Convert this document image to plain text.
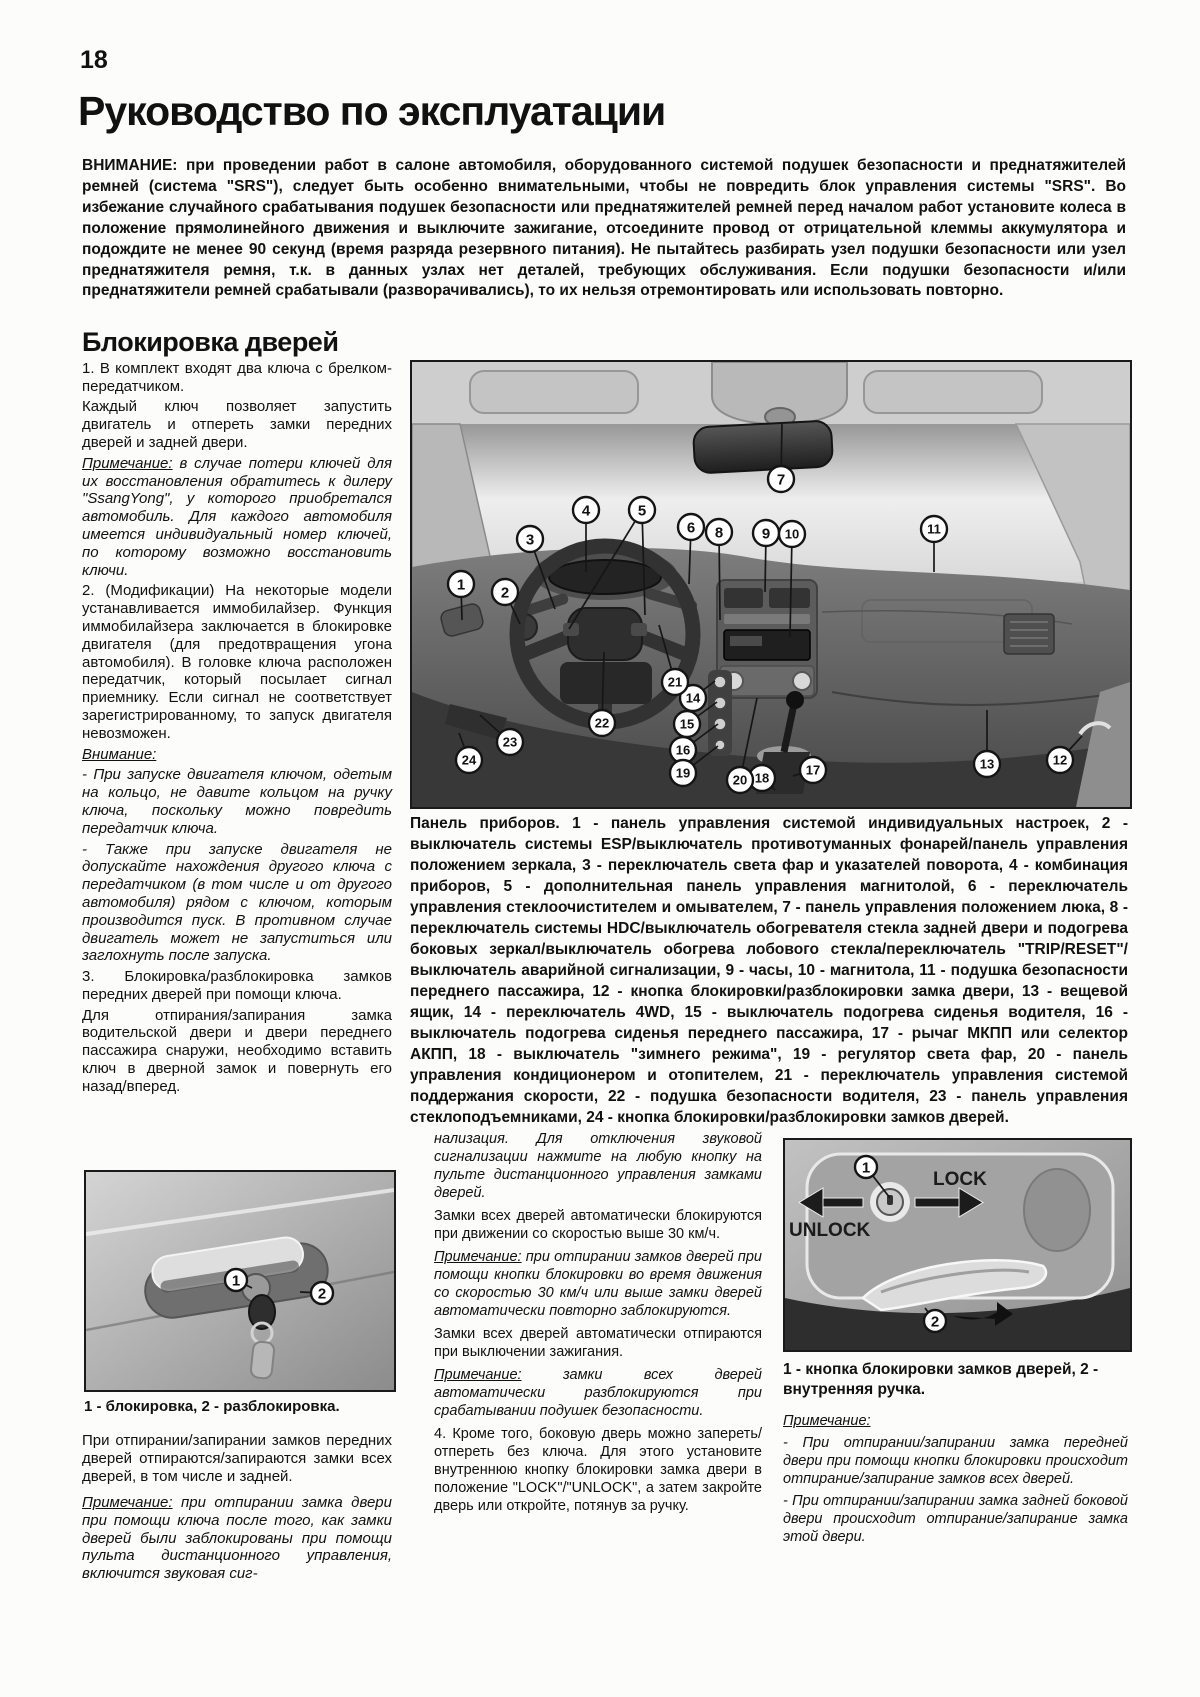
18
Руководство по эксплуатации

ВНИМАНИЕ: при проведении работ в салоне автомобиля, оборудованного системой подушек безопасности и преднатяжителей ремней (система "SRS"), следует быть особенно внимательными, чтобы не повредить блок управления системы "SRS". Во избежание случайного срабатывания подушек безопасности или преднатяжителей ремней перед началом работ установите колеса в положение прямолинейного движения и выключите зажигание, отсоедините провод от отрицательной клеммы аккумулятора и подождите не менее 90 секунд (время разряда резервного питания). Не пытайтесь разбирать узел подушки безопасности или узел преднатяжителя ремня, т.к. в данных узлах нет деталей, требующих обслуживания. Если подушки безопасности и/или преднатяжители ремней срабатывали (разворачивались), то их нельзя отремонтировать или использовать повторно.

Блокировка дверей

1. В комплект входят два ключа с брелком-передатчиком.

Каждый ключ позволяет запустить двигатель и отпереть замки передних дверей и задней двери.

Примечание: в случае потери ключей для их восстановления обратитесь к дилеру "SsangYong", у которого приобретался автомобиль. Для каждого автомобиля имеется индивидуальный номер ключей, по которому возможно восстановить ключи.

2. (Модификации) На некоторые модели устанавливается иммобилайзер. Функция иммобилайзера заключается в блокировке двигателя (для предотвращения угона автомобиля). В головке ключа расположен передатчик, который посылает сигнал приемнику. Если сигнал не соответствует зарегистрированному, то запуск двигателя невозможен.

Внимание:

- При запуске двигателя ключом, одетым на кольцо, не давите кольцом на ручку ключа, поскольку можно повредить передатчик ключа.

- Также при запуске двигателя не допускайте нахождения другого ключа с передатчиком (в том числе и от другого автомобиля) рядом с ключом, которым производится пуск. В противном случае двигатель может не запуститься или заглохнуть после запуска.

3. Блокировка/разблокировка замков передних дверей при помощи ключа.

Для отпирания/запирания замка водительской двери и двери переднего пассажира снаружи, необходимо вставить ключ в дверной замок и повернуть его назад/вперед.

1 2
3
4	5
6
7
8	9 10	11
12
13
14
15
16
17
18
19	20
21
22
23
24

Панель приборов. 1 - панель управления системой индивидуальных настроек, 2 - выключатель системы ESP/выключатель противотуманных фонарей/панель управления положением зеркала, 3 - переключатель света фар и указателей поворота, 4 - комбинация приборов, 5 - дополнительная панель управления магнитолой, 6 - переключатель управления стеклоочистителем и омывателем, 7 - панель управления положением люка, 8 - переключатель системы HDC/выключатель обогревателя стекла задней двери и подогрева боковых зеркал/выключатель обогрева лобового стекла/переключатель "TRIP/RESET"/выключатель аварийной сигнализации, 9 - часы, 10 - магнитола, 11 - подушка безопасности переднего пассажира, 12 - кнопка блокировки/разблокировки замка двери, 13 - вещевой ящик, 14 - переключатель 4WD, 15 - выключатель подогрева сиденья водителя, 16 - выключатель подогрева сиденья переднего пассажира, 17 - рычаг МКПП или селектор АКПП, 18 - выключатель "зимнего режима", 19 - регулятор света фар, 20 - панель управления кондиционером и отопителем, 21 - переключатель управления системой поддержания скорости, 22 - подушка безопасности водителя, 23 - панель управления стеклоподъемниками, 24 - кнопка блокировки/разблокировки замков дверей.

1
2

1 - блокировка, 2 - разблокировка.

При отпирании/запирании замков передних дверей отпираются/запираются замки всех дверей, в том числе и задней.

Примечание: при отпирании замка двери при помощи ключа после того, как замки дверей были заблокированы при помощи пульта дистанционного управления, включится звуковая сиг-

нализация. Для отключения звуковой сигнализации нажмите на любую кнопку на пульте дистанционного управления замками дверей.

Замки всех дверей автоматически блокируются при движении со скоростью выше 30 км/ч.

Примечание: при отпирании замков дверей при помощи кнопки блокировки во время движения со скоростью 30 км/ч или выше замки дверей автоматически повторно заблокируются.

Замки всех дверей автоматически отпираются при выключении зажигания.

Примечание: замки всех дверей автоматически разблокируются при срабатывании подушек безопасности.

4. Кроме того, боковую дверь можно запереть/отпереть без ключа. Для этого установите внутреннюю кнопку блокировки замка двери в положение "LOCK"/"UNLOCK", а затем закройте дверь или откройте, потянув за ручку.

LOCK
UNLOCK
1
2

1 - кнопка блокировки замков дверей, 2 - внутренняя ручка.

Примечание:

- При отпирании/запирании замка передней двери при помощи кнопки блокировки происходит отпирание/запирание замков всех дверей.

- При отпирании/запирании замка задней боковой двери происходит отпирание/запирание замка этой двери.
